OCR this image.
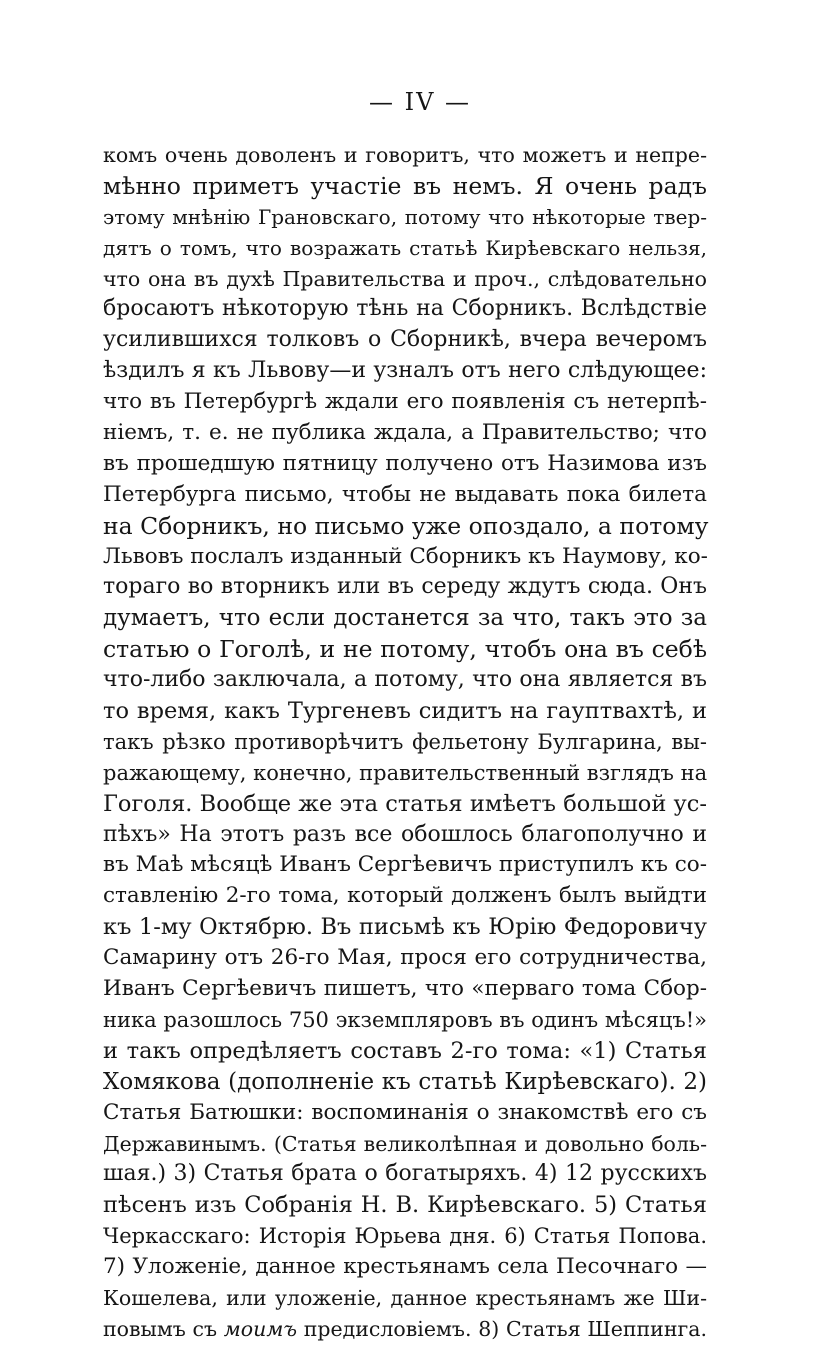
— IV —
комъ очень доволенъ и говоритъ, что можетъ и непре-
мѣнно приметъ участіе въ немъ. Я очень радъ
этому мнѣнію Грановскаго, потому что нѣкоторые твер-
дятъ о томъ, что возражать статьѣ Кирѣевскаго нельзя,
что она въ духѣ Правительства и проч., слѣдовательно
бросаютъ нѣкоторую тѣнь на Сборникъ. Вслѣдствіе
усилившихся толковъ о Сборникѣ, вчера вечеромъ
ѣздилъ я къ Львову—и узналъ отъ него слѣдующее:
что въ Петербургѣ ждали его появленія съ нетерпѣ-
ніемъ, т. е. не публика ждала, а Правительство; что
въ прошедшую пятницу получено отъ Назимова изъ
Петербурга письмо, чтобы не выдавать пока билета
на Сборникъ, но письмо уже опоздало, а потому
Львовъ послалъ изданный Сборникъ къ Наумову, ко-
тораго во вторникъ или въ середу ждутъ сюда. Онъ
думаетъ, что если достанется за что, такъ это за
статью о Гоголѣ, и не потому, чтобъ она въ себѣ
что-либо заключала, а потому, что она является въ
то время, какъ Тургеневъ сидитъ на гауптвахтѣ, и
такъ рѣзко противорѣчитъ фельетону Булгарина, вы-
ражающему, конечно, правительственный взглядъ на
Гоголя. Вообще же эта статья имѣетъ большой ус-
пѣхъ» На этотъ разъ все обошлось благополучно и
въ Маѣ мѣсяцѣ Иванъ Сергѣевичъ приступилъ къ со-
ставленію 2-го тома, который долженъ былъ выйдти
къ 1-му Октябрю. Въ письмѣ къ Юрію Федоровичу
Самарину отъ 26-го Мая, прося его сотрудничества,
Иванъ Сергѣевичъ пишетъ, что «перваго тома Сбор-
ника разошлось 750 экземпляровъ въ одинъ мѣсяцъ!»
и такъ опредѣляетъ составъ 2-го тома: «1) Статья
Хомякова (дополненіе къ статьѣ Кирѣевскаго). 2)
Статья Батюшки: воспоминанія о знакомствѣ его съ
Державинымъ. (Статья великолѣпная и довольно боль-
шая.) 3) Статья брата о богатыряхъ. 4) 12 русскихъ
пѣсенъ изъ Собранія Н. В. Кирѣевскаго. 5) Статья
Черкасскаго: Исторія Юрьева дня. 6) Статья Попова.
7) Уложеніе, данное крестьянамъ села Песочнаго —
Кошелева, или уложеніе, данное крестьянамъ же Ши-
повымъ съ моимъ предисловіемъ. 8) Статья Шеппинга.
